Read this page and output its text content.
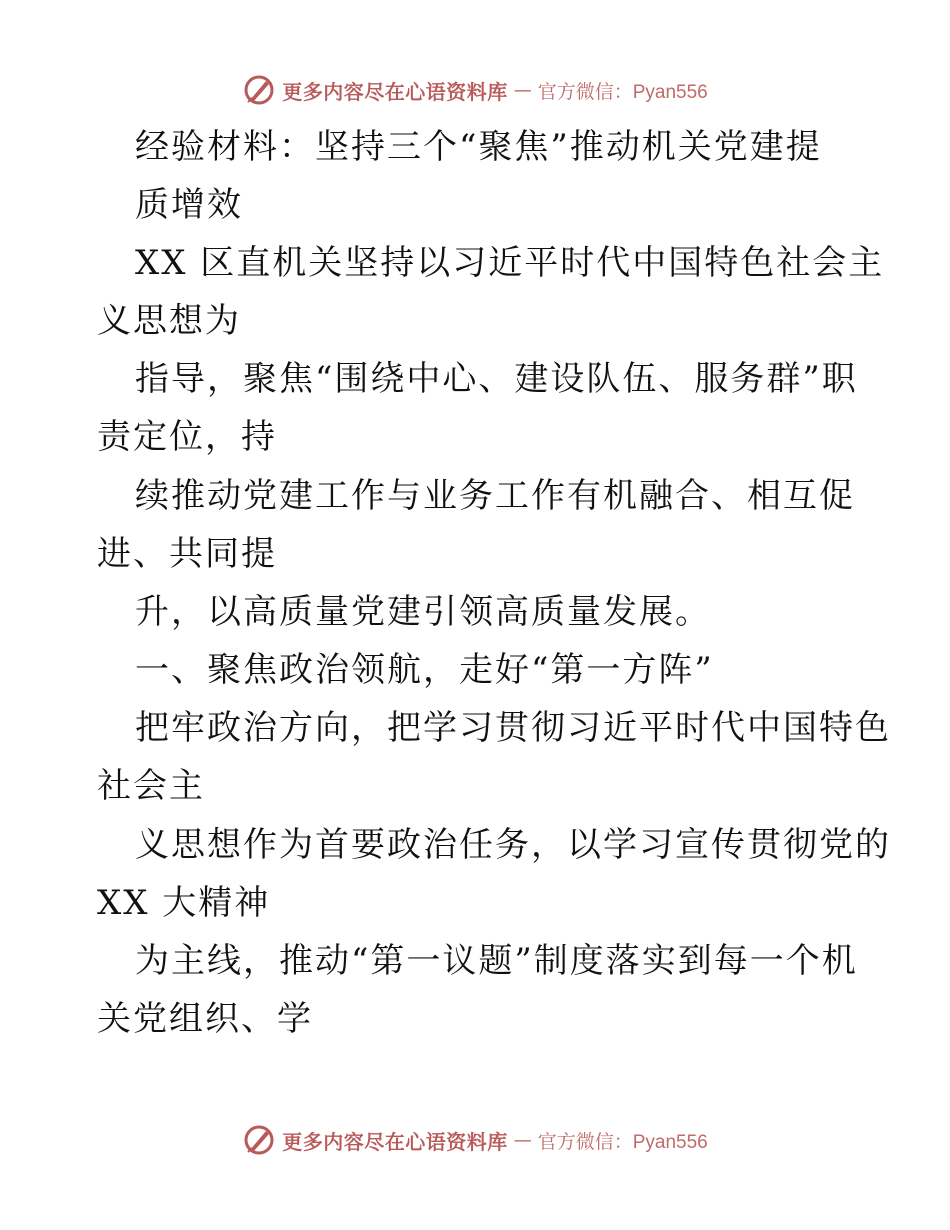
更多内容尽在心语资料库 — 官方微信：Pyan556
经验材料：坚持三个“聚焦”推动机关党建提
质增效
XX 区直机关坚持以习近平时代中国特色社会主
义思想为
指导，聚焦“围绕中心、建设队伍、服务群”职
责定位，持
续推动党建工作与业务工作有机融合、相互促
进、共同提
升，以高质量党建引领高质量发展。
一、聚焦政治领航，走好“第一方阵”
把牢政治方向，把学习贯彻习近平时代中国特色
社会主
义思想作为首要政治任务，以学习宣传贯彻党的
XX 大精神
为主线，推动“第一议题”制度落实到每一个机
关党组织、学
更多内容尽在心语资料库 — 官方微信：Pyan556
